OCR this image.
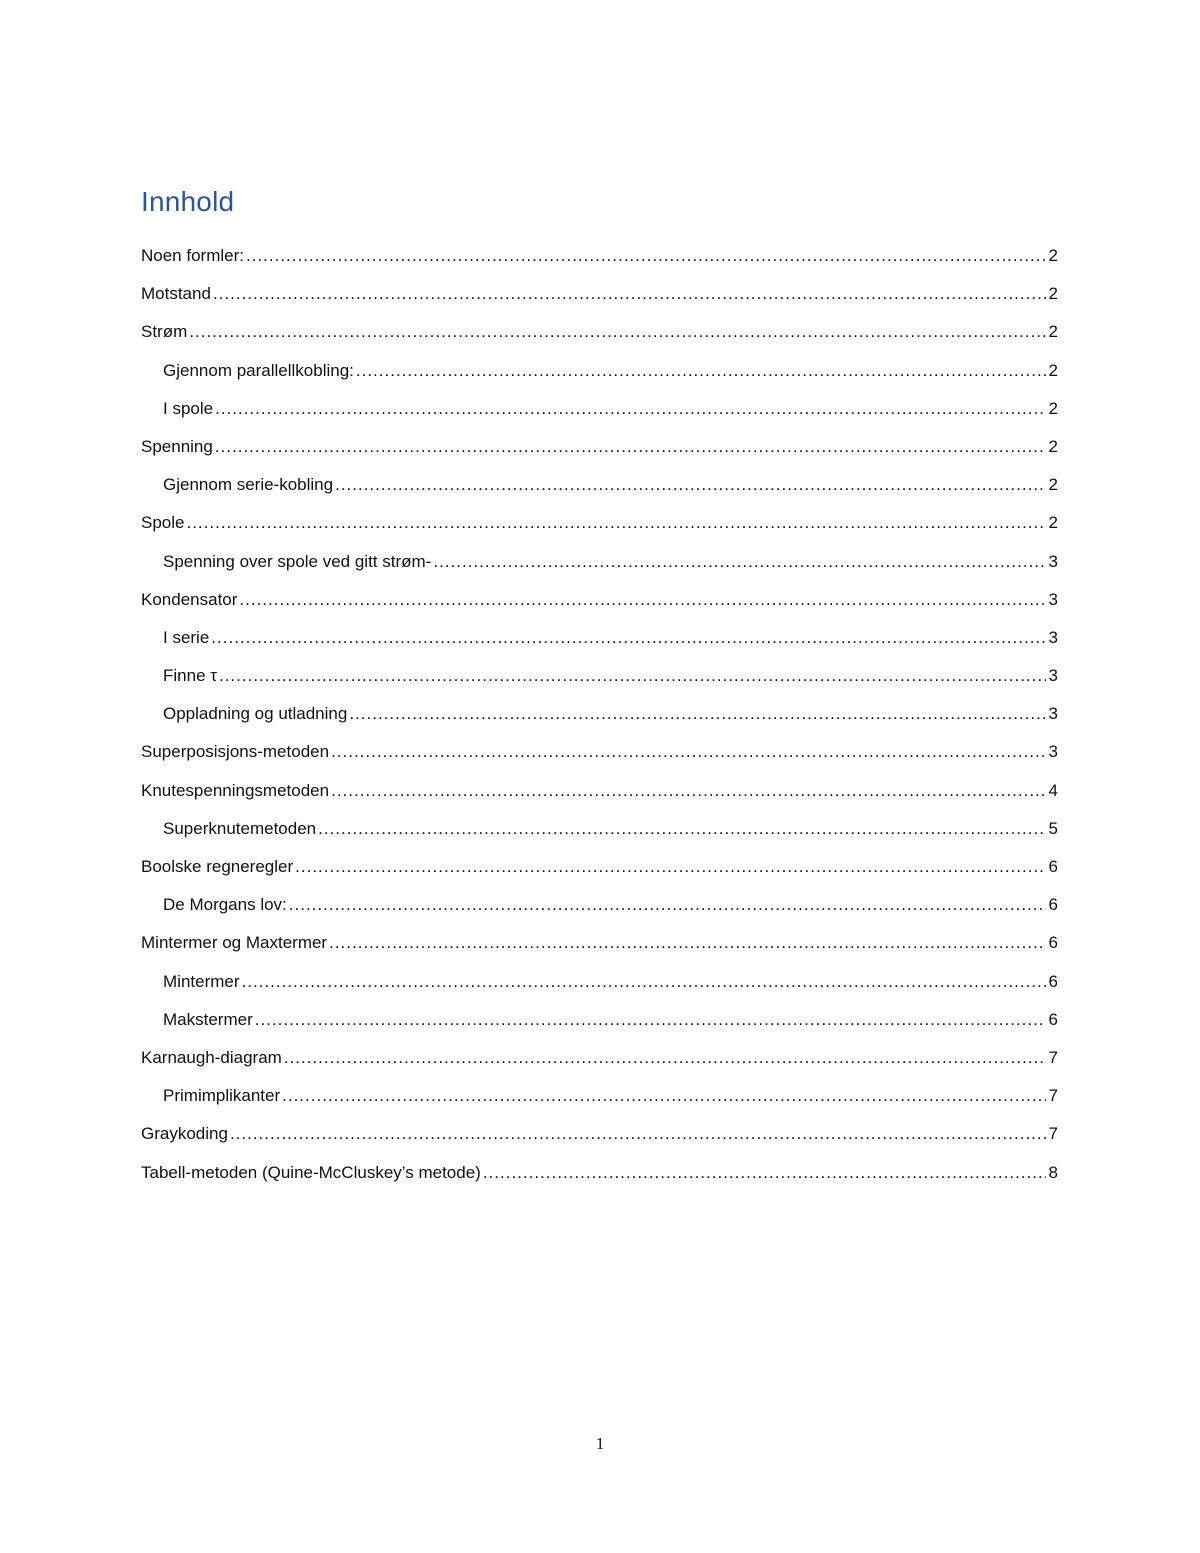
Innhold
Noen formler: .....	2
Motstand .....	2
Strøm .....	2
Gjennom parallellkobling: .....	2
I spole .....	2
Spenning .....	2
Gjennom serie-kobling .....	2
Spole .....	2
Spenning over spole ved gitt strøm- .....	3
Kondensator .....	3
I serie .....	3
Finne τ .....	3
Oppladning og utladning .....	3
Superposisjons-metoden .....	3
Knutespenningsmetoden .....	4
Superknutemetoden .....	5
Boolske regneregler .....	6
De Morgans lov: .....	6
Mintermer og Maxtermer .....	6
Mintermer .....	6
Makstermer .....	6
Karnaugh-diagram .....	7
Primimplikanter .....	7
Graykoding .....	7
Tabell-metoden (Quine-McCluskey’s metode) .....	8
1
